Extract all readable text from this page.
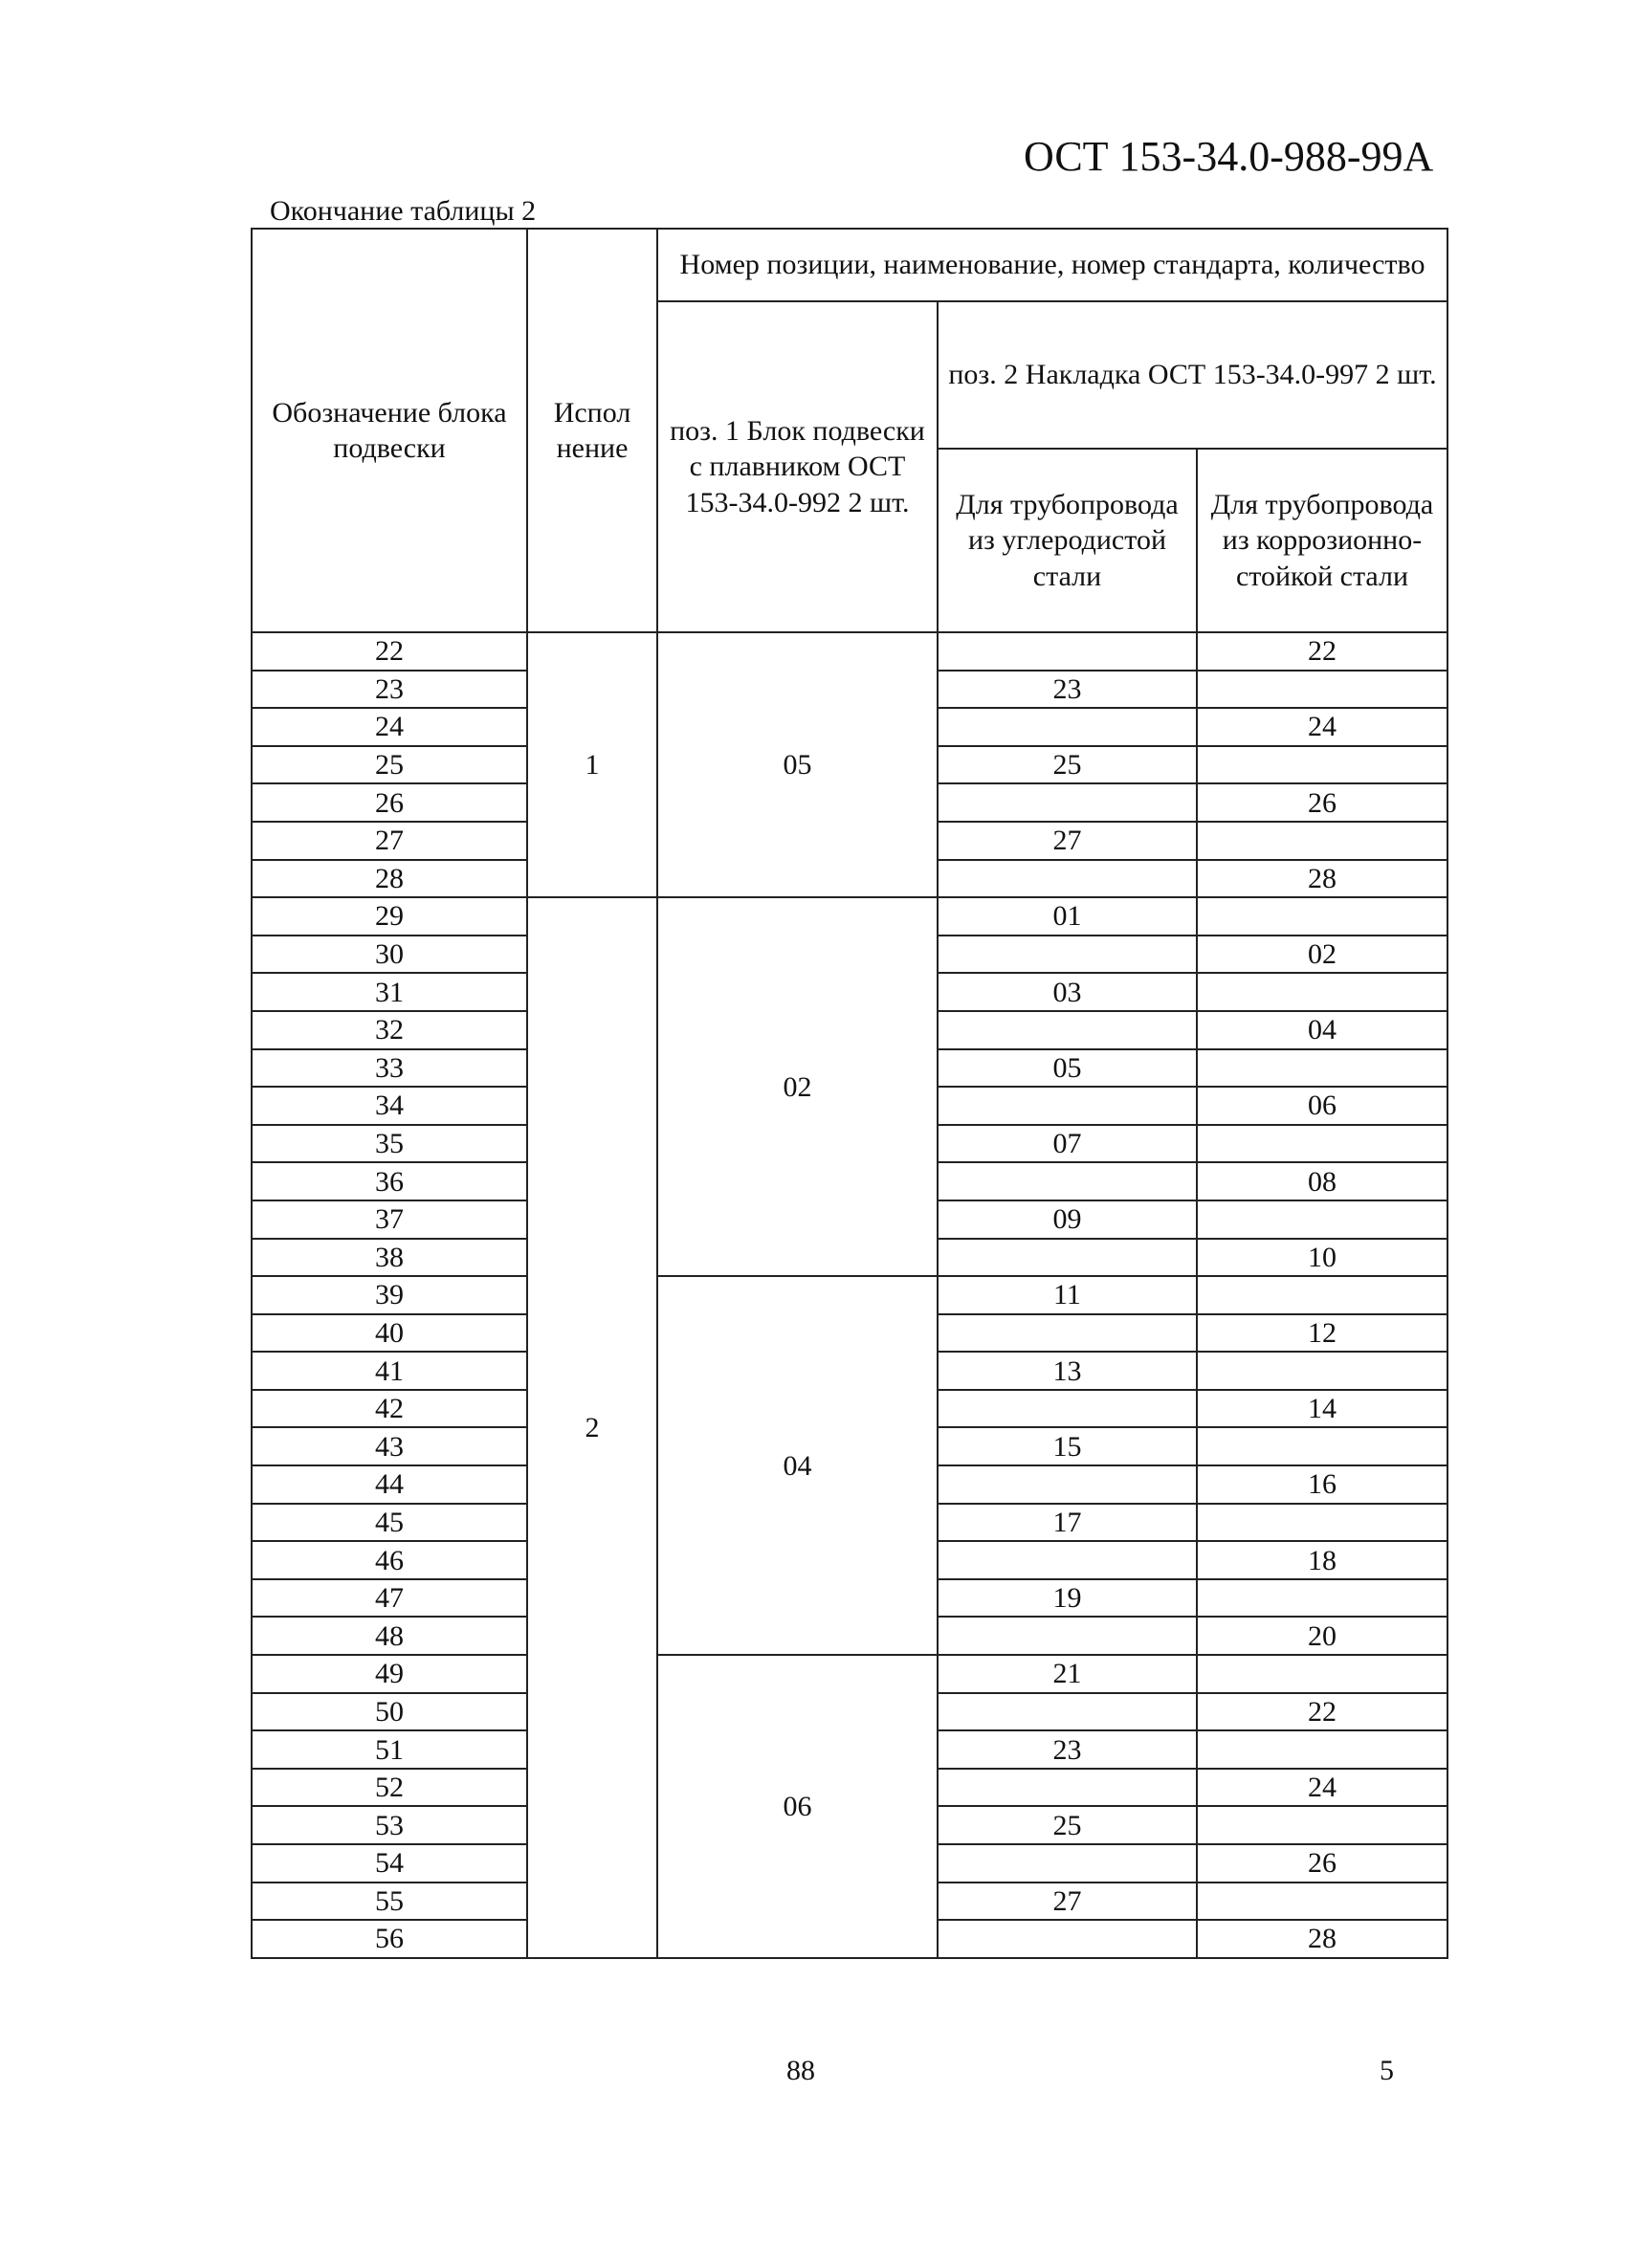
ОСТ 153-34.0-988-99А
Окончание таблицы 2
Обозначение блока подвески	Испол нение	Номер позиции, наименование, номер стандарта, количество		
		поз. 1 Блок подвески с плавником ОСТ 153-34.0-992 2 шт.	поз. 2 Накладка ОСТ 153-34.0-997 2 шт.	
			Для трубопровода из углеродистой стали	Для трубопровода из коррозионно-стойкой стали
22	1	05		22
23			23	
24				24
25			25	
26				26
27			27	
28				28
29	2	02	01	
30				02
31			03	
32				04
33			05	
34				06
35			07	
36				08
37			09	
38				10
39		04	11	
40				12
41			13	
42				14
43			15	
44				16
45			17	
46				18
47			19	
48				20
49		06	21	
50				22
51			23	
52				24
53			25	
54				26
55			27	
56				28
88	5
